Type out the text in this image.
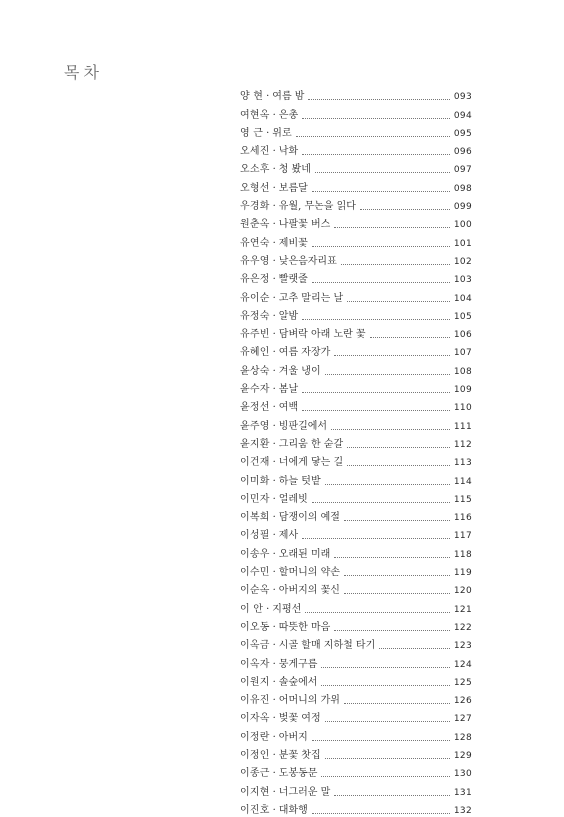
목차
양 현 · 여름 밤	093
여현옥 · 은총	094
영 근 · 위로	095
오세진 · 낙화	096
오소후 · 청 봤네	097
오형선 · 보름달	098
우경화 · 유월, 무논을 읽다	099
원춘옥 · 나팔꽃 버스	100
유연숙 · 제비꽃	101
유우영 · 낮은음자리표	102
유은정 · 빨랫줄	103
유이순 · 고추 말리는 날	104
유정숙 · 알밤	105
유주빈 · 담벼락 아래 노란 꽃	106
유혜인 · 여름 자장가	107
윤상숙 · 겨울 냉이	108
윤수자 · 봄날	109
윤정선 · 여백	110
윤주영 · 빙판길에서	111
윤지환 · 그리움 한 숟갈	112
이건재 · 너에게 닿는 길	113
이미화 · 하늘 텃밭	114
이민자 · 얼레빗	115
이복희 · 담쟁이의 예절	116
이성필 · 제사	117
이송우 · 오래된 미래	118
이수민 · 할머니의 약손	119
이순옥 · 아버지의 꽃신	120
이 안 · 지평선	121
이오동 · 따뜻한 마음	122
이옥금 · 시골 할매 지하철 타기	123
이옥자 · 뭉게구름	124
이원지 · 솔숲에서	125
이유진 · 어머니의 가위	126
이자옥 · 벚꽃 여정	127
이정란 · 아버지	128
이정인 · 분꽃 찻집	129
이종근 · 도봉동문	130
이지현 · 너그러운 말	131
이진호 · 대화행	132
